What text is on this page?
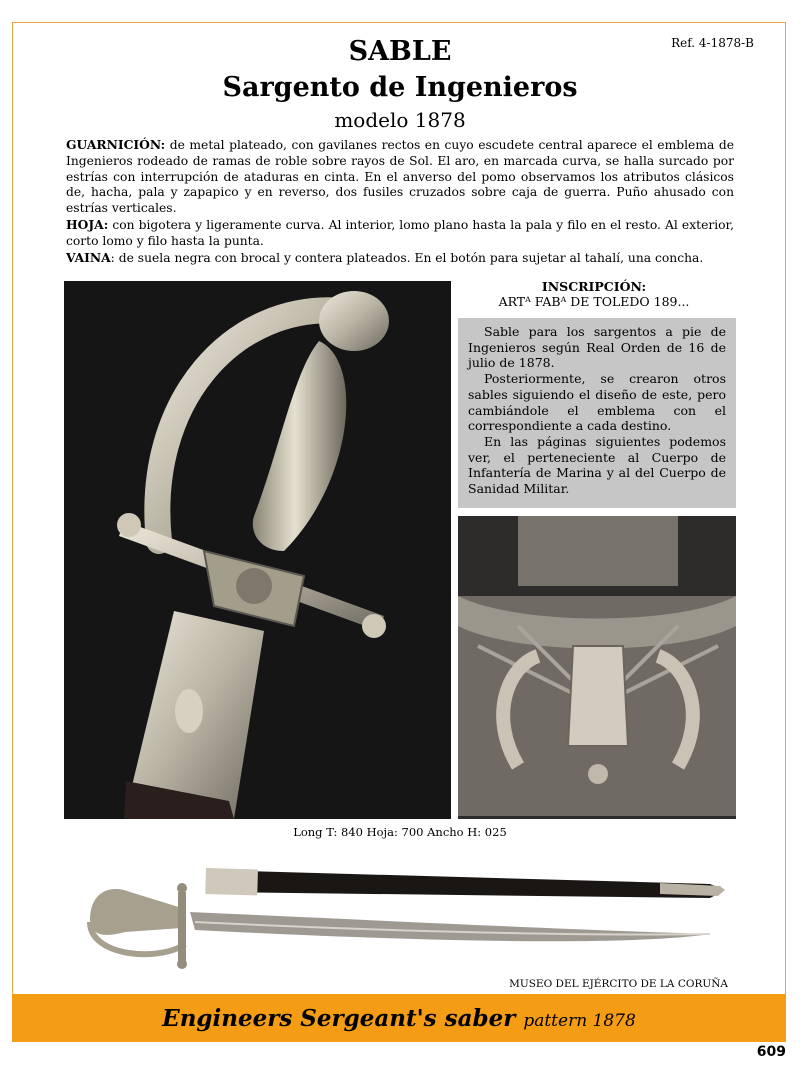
Ref. 4-1878-B
SABLE
Sargento de Ingenieros
modelo 1878

GUARNICIÓN: de metal plateado, con gavilanes rectos en cuyo escudete central aparece el emblema de Ingenieros rodeado de ramas de roble sobre rayos de Sol. El aro, en marcada curva, se halla surcado por estrías con interrupción de ataduras en cinta. En el anverso del pomo observamos los atributos clásicos de, hacha, pala y zapapico y en reverso, dos fusiles cruzados sobre caja de guerra. Puño ahusado con estrías verticales.

HOJA: con bigotera y ligeramente curva. Al interior, lomo plano hasta la pala y filo en el resto. Al exterior, corto lomo y filo hasta la punta.

VAINA: de suela negra con brocal y contera plateados. En el botón para sujetar al tahalí, una concha.

INSCRIPCIÓN:
ARTᴬ FABᴬ DE TOLEDO 189...

Sable para los sargentos a pie de Ingenieros según Real Orden de 16 de julio de 1878.

Posteriormente, se crearon otros sables siguiendo el diseño de este, pero cambiándole el emblema con el correspondiente a cada destino.

En las páginas siguientes podemos ver, el perteneciente al Cuerpo de Infantería de Marina y al del Cuerpo de Sanidad Militar.

Long T: 840 Hoja: 700 Ancho H: 025
MUSEO DEL EJÉRCITO DE LA CORUÑA
Engineers Sergeant's saber pattern 1878
609
